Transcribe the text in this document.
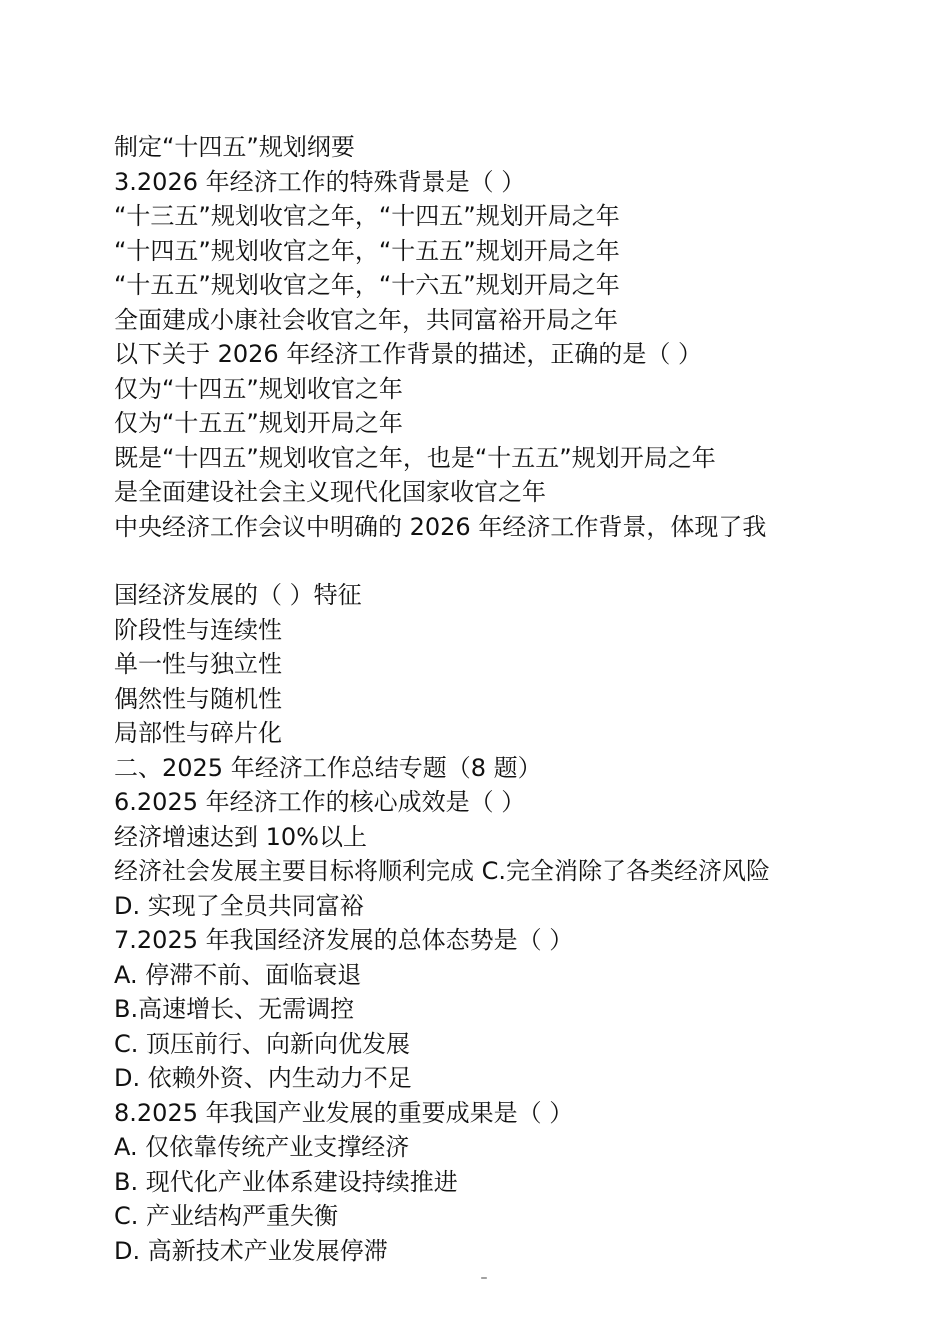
制定“十四五”规划纲要
3.2026 年经济工作的特殊背景是（ ）
“十三五”规划收官之年，“十四五”规划开局之年
“十四五”规划收官之年，“十五五”规划开局之年
“十五五”规划收官之年，“十六五”规划开局之年
全面建成小康社会收官之年，共同富裕开局之年
以下关于 2026 年经济工作背景的描述，正确的是（ ）
仅为“十四五”规划收官之年
仅为“十五五”规划开局之年
既是“十四五”规划收官之年，也是“十五五”规划开局之年
是全面建设社会主义现代化国家收官之年
中央经济工作会议中明确的 2026 年经济工作背景，体现了我
国经济发展的（ ）特征
阶段性与连续性
单一性与独立性
偶然性与随机性
局部性与碎片化
二、2025 年经济工作总结专题（8 题）
6.2025 年经济工作的核心成效是（ ）
经济增速达到 10%以上
经济社会发展主要目标将顺利完成 C.完全消除了各类经济风险
D. 实现了全员共同富裕
7.2025 年我国经济发展的总体态势是（ ）
A. 停滞不前、面临衰退
B.高速增长、无需调控
C. 顶压前行、向新向优发展
D. 依赖外资、内生动力不足
8.2025 年我国产业发展的重要成果是（ ）
A. 仅依靠传统产业支撑经济
B. 现代化产业体系建设持续推进
C. 产业结构严重失衡
D. 高新技术产业发展停滞
–
